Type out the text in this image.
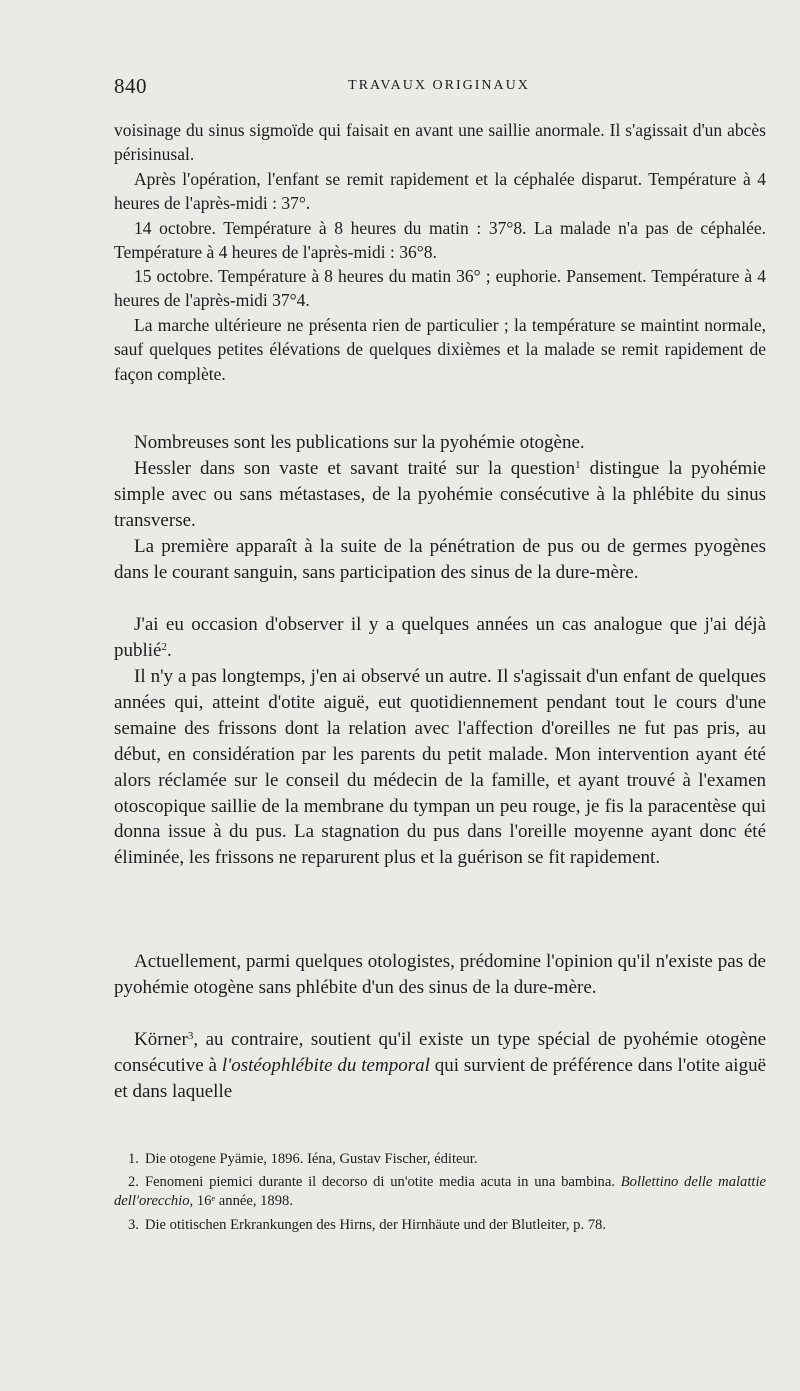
840	TRAVAUX ORIGINAUX

voisinage du sinus sigmoïde qui faisait en avant une saillie anormale. Il s'agissait d'un abcès périsinusal.

Après l'opération, l'enfant se remit rapidement et la céphalée disparut. Température à 4 heures de l'après-midi : 37°.

14 octobre. Température à 8 heures du matin : 37°8. La malade n'a pas de céphalée. Température à 4 heures de l'après-midi : 36°8.

15 octobre. Température à 8 heures du matin 36° ; euphorie. Pansement. Température à 4 heures de l'après-midi 37°4.

La marche ultérieure ne présenta rien de particulier ; la température se maintint normale, sauf quelques petites élévations de quelques dixièmes et la malade se remit rapidement de façon complète.

Nombreuses sont les publications sur la pyohémie otogène.

Hessler dans son vaste et savant traité sur la question$^1$ distingue la pyohémie simple avec ou sans métastases, de la pyohémie consécutive à la phlébite du sinus transverse.

La première apparaît à la suite de la pénétration de pus ou de germes pyogènes dans le courant sanguin, sans participation des sinus de la dure-mère.

J'ai eu occasion d'observer il y a quelques années un cas analogue que j'ai déjà publié$^2$.

Il n'y a pas longtemps, j'en ai observé un autre. Il s'agissait d'un enfant de quelques années qui, atteint d'otite aiguë, eut quotidiennement pendant tout le cours d'une semaine des frissons dont la relation avec l'affection d'oreilles ne fut pas pris, au début, en considération par les parents du petit malade. Mon intervention ayant été alors réclamée sur le conseil du médecin de la famille, et ayant trouvé à l'examen otoscopique saillie de la membrane du tympan un peu rouge, je fis la paracentèse qui donna issue à du pus. La stagnation du pus dans l'oreille moyenne ayant donc été éliminée, les frissons ne reparurent plus et la guérison se fit rapidement.

Actuellement, parmi quelques otologistes, prédomine l'opinion qu'il n'existe pas de pyohémie otogène sans phlébite d'un des sinus de la dure-mère.

Körner$^3$, au contraire, soutient qu'il existe un type spécial de pyohémie otogène consécutive à l'ostéophlébite du temporal qui survient de préférence dans l'otite aiguë et dans laquelle

1. Die otogene Pyämie, 1896. Iéna, Gustav Fischer, éditeur.

2. Fenomeni piemici durante il decorso di un'otite media acuta in una bambina. Bollettino delle malattie dell'orecchio, 16ᵉ année, 1898.

3. Die otitischen Erkrankungen des Hirns, der Hirnhäute und der Blutleiter, p. 78.
